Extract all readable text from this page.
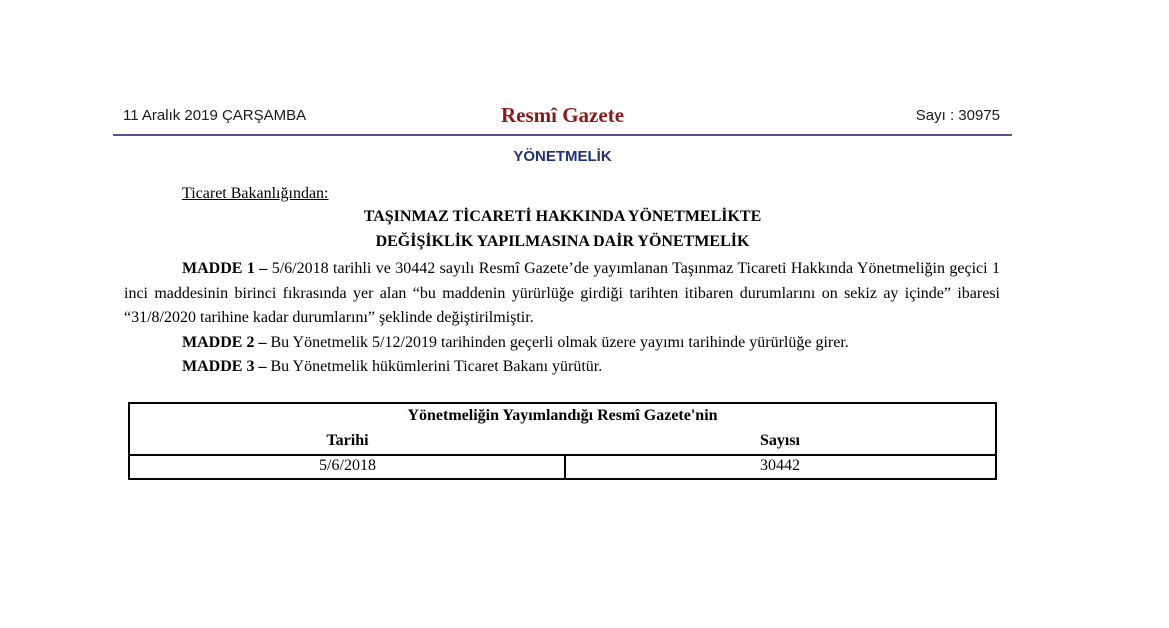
11 Aralık 2019 ÇARŞAMBA	Resmî Gazete	Sayı : 30975
YÖNETMELİK
Ticaret Bakanlığından:
TAŞINMAZ TİCARETİ HAKKINDA YÖNETMELİKTE
DEĞİŞİKLİK YAPILMASINA DAİR YÖNETMELİK

MADDE 1 – 5/6/2018 tarihli ve 30442 sayılı Resmî Gazete’de yayımlanan Taşınmaz Ticareti Hakkında Yönetmeliğin geçici 1 inci maddesinin birinci fıkrasında yer alan “bu maddenin yürürlüğe girdiği tarihten itibaren durumlarını on sekiz ay içinde” ibaresi “31/8/2020 tarihine kadar durumlarını” şeklinde değiştirilmiştir.

MADDE 2 – Bu Yönetmelik 5/12/2019 tarihinden geçerli olmak üzere yayımı tarihinde yürürlüğe girer.

MADDE 3 – Bu Yönetmelik hükümlerini Ticaret Bakanı yürütür.

Yönetmeliğin Yayımlandığı Resmî Gazete'nin
Tarihi	Sayısı
5/6/2018	30442
